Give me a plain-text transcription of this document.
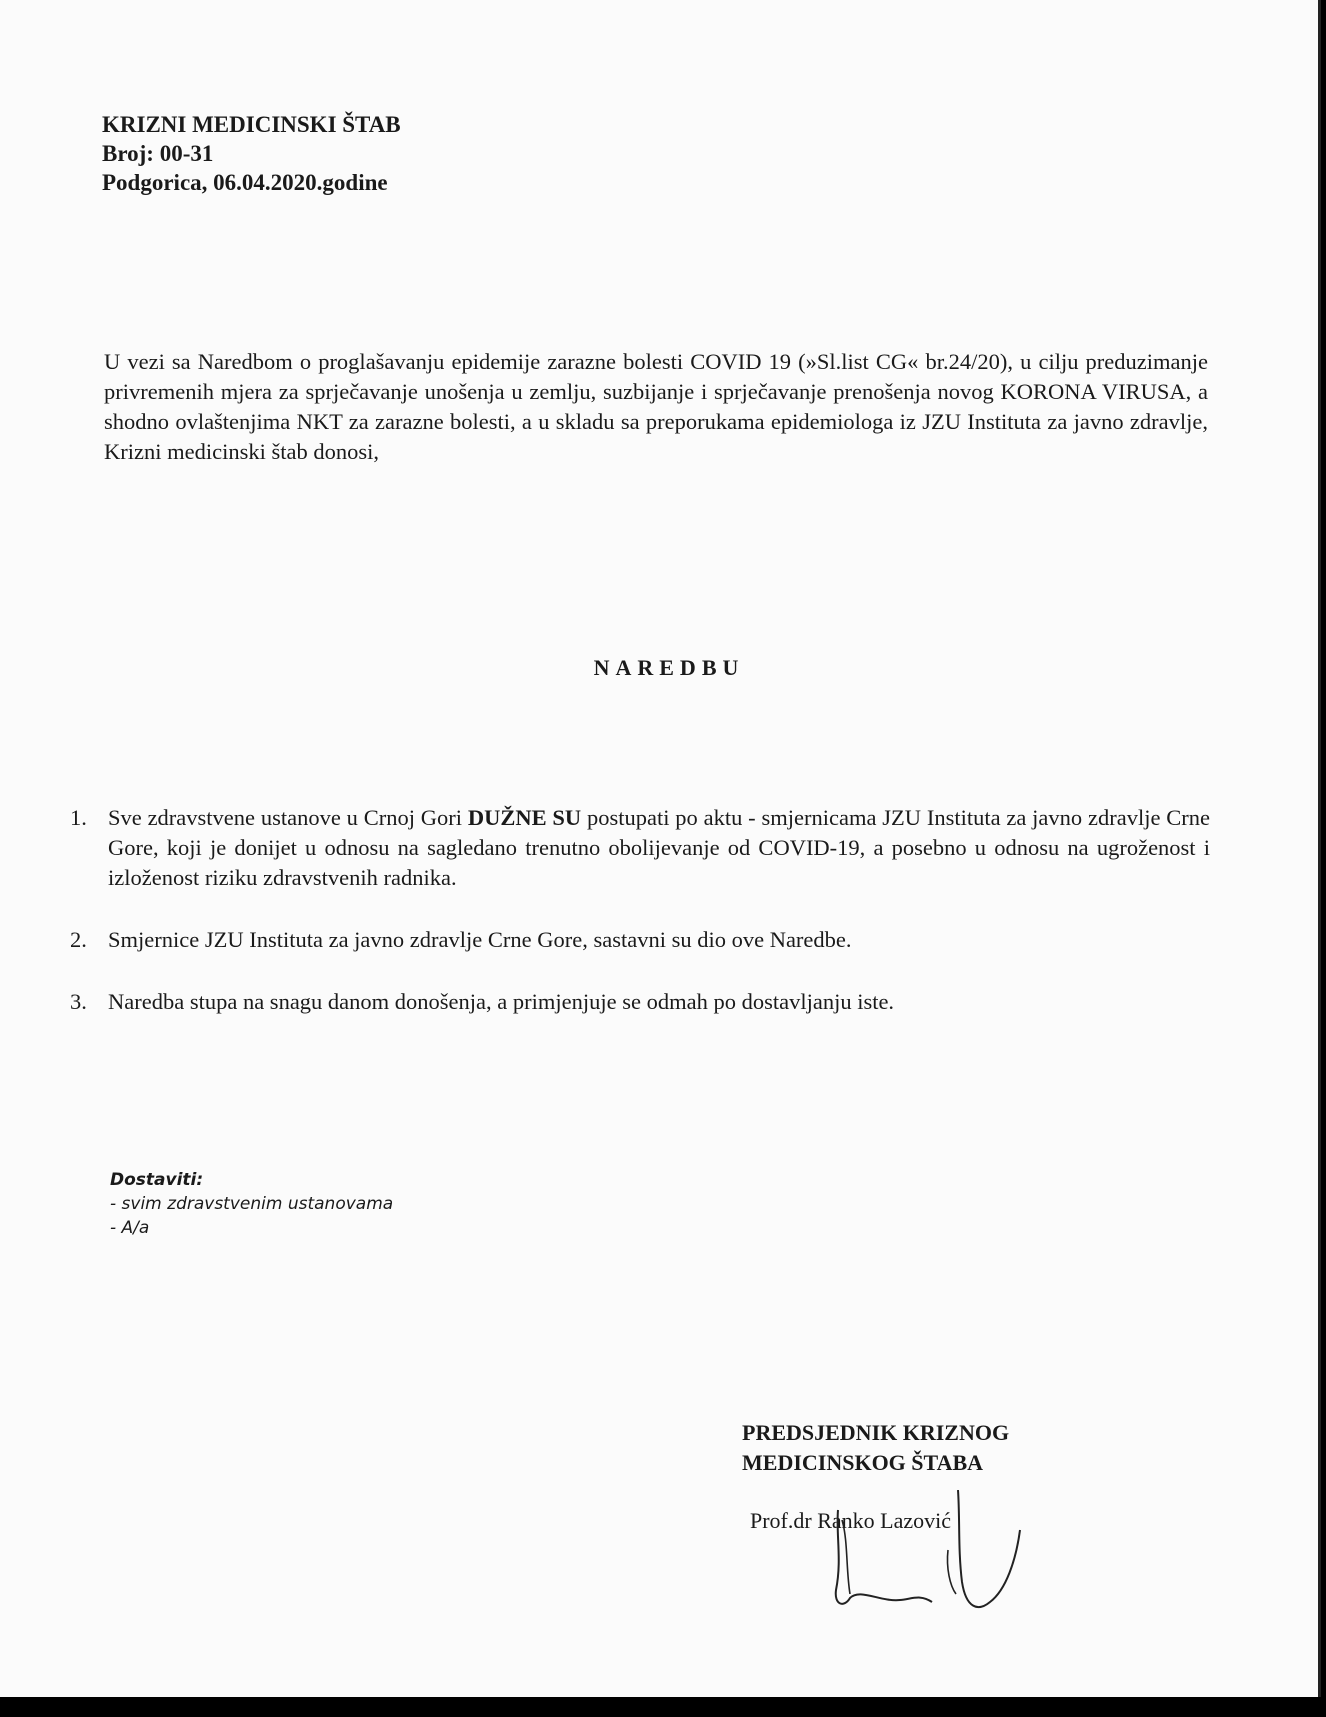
KRIZNI MEDICINSKI ŠTAB
Broj: 00-31
Podgorica, 06.04.2020.godine
U vezi sa Naredbom o proglašavanju epidemije zarazne bolesti COVID 19 (»Sl.list CG« br.24/20), u cilju preduzimanje privremenih mjera za sprječavanje unošenja u zemlju, suzbijanje i sprječavanje prenošenja novog KORONA VIRUSA, a shodno ovlaštenjima NKT za zarazne bolesti, a u skladu sa preporukama epidemiologa iz JZU Instituta za javno zdravlje, Krizni medicinski štab donosi,
NAREDBU
1. Sve zdravstvene ustanove u Crnoj Gori DUŽNE SU postupati po aktu - smjernicama JZU Instituta za javno zdravlje Crne Gore, koji je donijet u odnosu na sagledano trenutno obolijevanje od COVID-19, a posebno u odnosu na ugroženost i izloženost riziku zdravstvenih radnika.
2. Smjernice JZU Instituta za javno zdravlje Crne Gore, sastavni su dio ove Naredbe.
3. Naredba stupa na snagu danom donošenja, a primjenjuje se odmah po dostavljanju iste.
Dostaviti:
- svim zdravstvenim ustanovama
- A/a
PREDSJEDNIK KRIZNOG
MEDICINSKOG ŠTABA
Prof.dr Ranko Lazović
